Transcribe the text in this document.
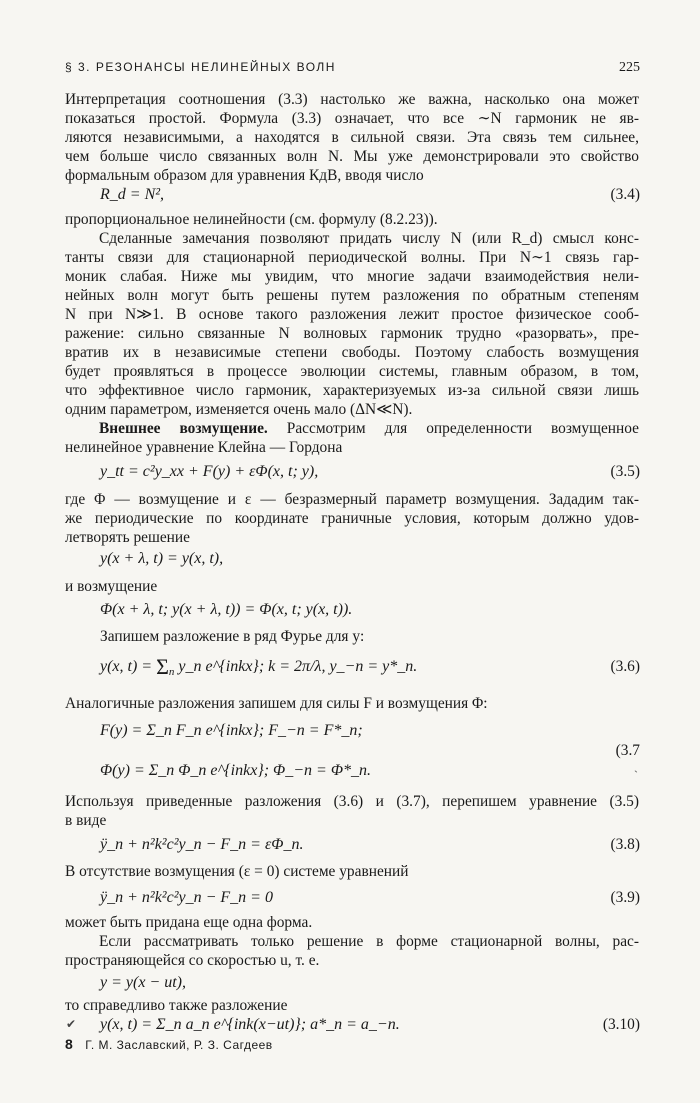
§ 3. РЕЗОНАНСЫ НЕЛИНЕЙНЫХ ВОЛН	225
Интерпретация соотношения (3.3) настолько же важна, насколько она может
показаться простой. Формула (3.3) означает, что все ∼N гармоник не яв-
ляются независимыми, а находятся в сильной связи. Эта связь тем сильнее,
чем больше число связанных волн N. Мы уже демонстрировали это свойство
формальным образом для уравнения КдВ, вводя число
R_d = N²,	(3.4)
пропорциональное нелинейности (см. формулу (8.2.23)).
Сделанные замечания позволяют придать числу N (или R_d) смысл конс-
танты связи для стационарной периодической волны. При N∼1 связь гар-
моник слабая. Ниже мы увидим, что многие задачи взаимодействия нели-
нейных волн могут быть решены путем разложения по обратным степеням
N при N≫1. В основе такого разложения лежит простое физическое сооб-
ражение: сильно связанные N волновых гармоник трудно «разорвать», пре-
вратив их в независимые степени свободы. Поэтому слабость возмущения
будет проявляться в процессе эволюции системы, главным образом, в том,
что эффективное число гармоник, характеризуемых из-за сильной связи лишь
одним параметром, изменяется очень мало (ΔN≪N).
Внешнее возмущение. Рассмотрим для определенности возмущенное
нелинейное уравнение Клейна — Гордона
y_tt = c²y_xx + F(y) + εΦ(x, t; y),	(3.5)
где Φ — возмущение и ε — безразмерный параметр возмущения. Зададим так-
же периодические по координате граничные условия, которым должно удов-
летворять решение
y(x + λ, t) = y(x, t),
и возмущение
Φ(x + λ, t; y(x + λ, t)) = Φ(x, t; y(x, t)).
Запишем разложение в ряд Фурье для y:
y(x, $t) = \Sigma_n$ y_n e^{inkx}; k = 2π/λ, y_−n = y*_n.	(3.6)
Аналогичные разложения запишем для силы F и возмущения Φ:
F(y) = Σ_n F_n e^{inkx}; F_−n = F*_n;
Φ(y) = Σ_n Φ_n e^{inkx}; Φ_−n = Φ*_n.
(3.7
`
Используя приведенные разложения (3.6) и (3.7), перепишем уравнение (3.5)
в виде
ÿ_n + n²k²c²y_n − F_n = εΦ_n.	(3.8)
В отсутствие возмущения (ε = 0) системе уравнений
ÿ_n + n²k²c²y_n − F_n = 0	(3.9)
может быть придана еще одна форма.
Если рассматривать только решение в форме стационарной волны, рас-
пространяющейся со скоростью u, т. е.
y = y(x − ut),
то справедливо также разложение
✔ y(x, t) = Σ_n a_n e^{ink(x−ut)}; a*_n = a_−n.	(3.10)
8 Г. М. Заславский, Р. З. Сагдеев
